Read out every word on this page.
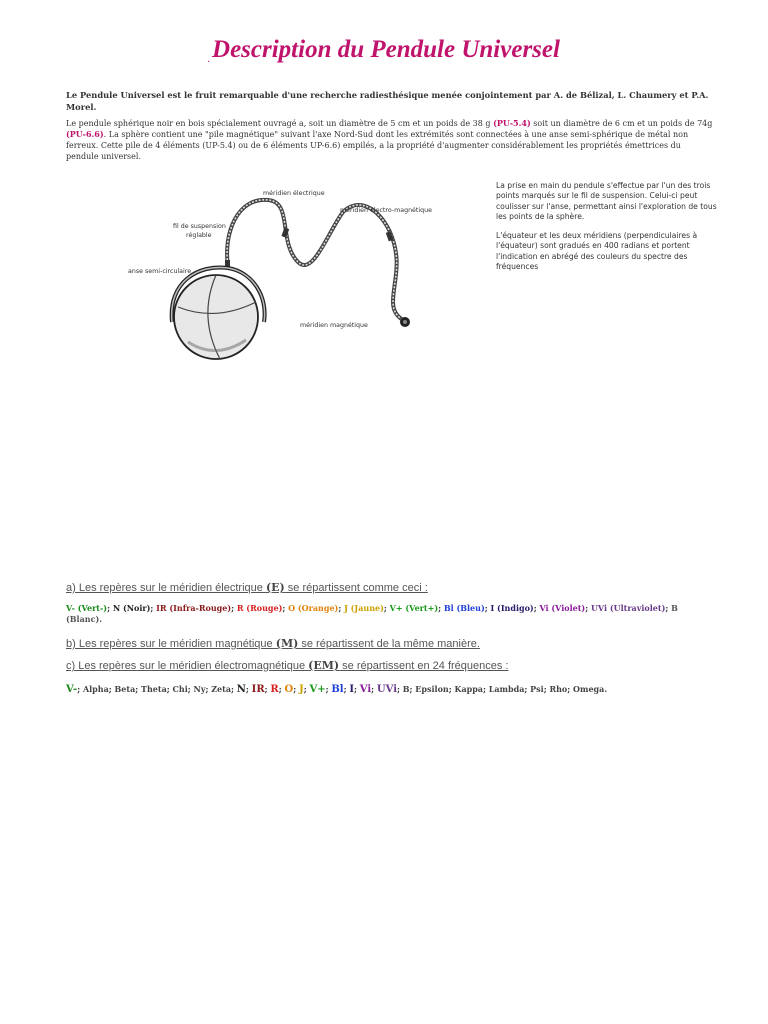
.Description du Pendule Universel
Le Pendule Universel est le fruit remarquable d'une recherche radiesthésique menée conjointement par A. de Bélizal, L. Chaumery et P.A. Morel.
Le pendule sphérique noir en bois spécialement ouvragé a, soit un diamètre de 5 cm et un poids de 38 g (PU-5.4) soit un diamètre de 6 cm et un poids de 74g (PU-6.6). La sphère contient une "pile magnétique" suivant l'axe Nord-Sud dont les extrémités sont connectées à une anse semi-sphérique de métal non ferreux. Cette pile de 4 éléments (UP-5.4) ou de 6 éléments UP-6.6) empilés, a la propriété d'augmenter considérablement les propriétés émettrices du pendule universel.
méridien électrique
fil de suspension
réglable
méridien électro-magnétique
anse semi-circulaire
méridien magnétique

La prise en main du pendule s'effectue par l'un des trois points marqués sur le fil de suspension. Celui-ci peut coulisser sur l'anse, permettant ainsi l'exploration de tous les points de la sphère.

L'équateur et les deux méridiens (perpendiculaires à l'équateur) sont gradués en 400 radians et portent l'indication en abrégé des couleurs du spectre des fréquences

a) Les repères sur le méridien électrique (E) se répartissent comme ceci :
V- (Vert-); N (Noir); IR (Infra-Rouge); R (Rouge); O (Orange); J (Jaune); V+ (Vert+); Bl (Bleu); I (Indigo); Vi (Violet); UVi (Ultraviolet); B (Blanc).
b) Les repères sur le méridien magnétique (M) se répartissent de la même manière.
c) Les repères sur le méridien électromagnétique (EM) se répartissent en 24 fréquences :
V-; Alpha; Beta; Theta; Chi; Ny; Zeta; N; IR; R; O; J; V+; Bl; I; Vi; UVi; B; Epsilon; Kappa; Lambda; Psi; Rho; Omega.
